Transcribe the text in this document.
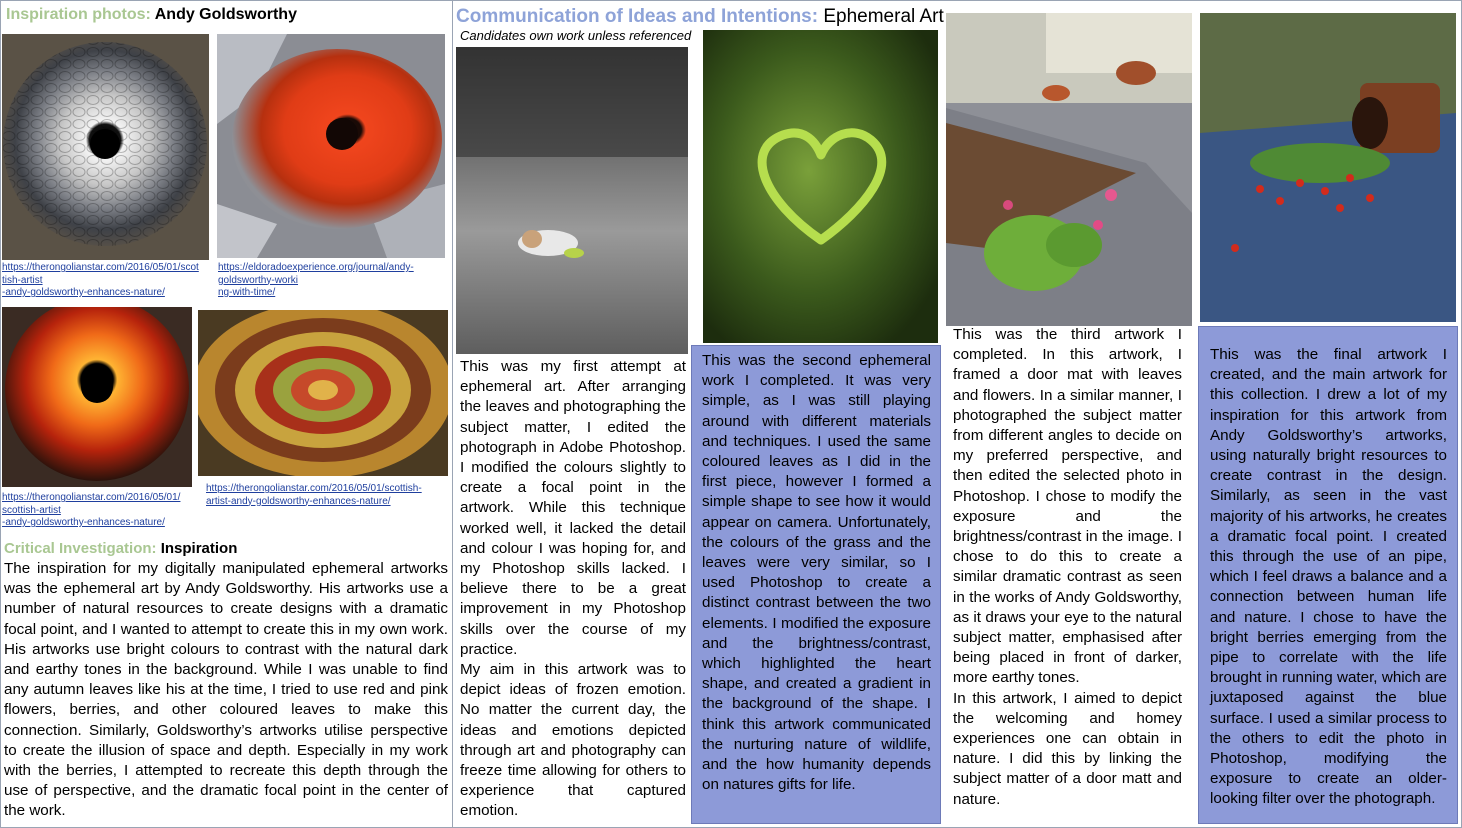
Inspiration photos: Andy Goldsworthy
https://therongolianstar.com/2016/05/01/scot
tish-artist
-andy-goldsworthy-enhances-nature/
https://eldoradoexperience.org/journal/andy-
goldsworthy-worki
ng-with-time/
https://therongolianstar.com/2016/05/01/
scottish-artist
-andy-goldsworthy-enhances-nature/
https://therongolianstar.com/2016/05/01/scottish-
artist-andy-goldsworthy-enhances-nature/
Critical Investigation: Inspiration
The inspiration for my digitally manipulated ephemeral artworks was the ephemeral art by Andy Goldsworthy. His artworks use a number of natural resources to create designs with a dramatic focal point, and I wanted to attempt to create this in my own work. His artworks use bright colours to contrast with the natural dark and earthy tones in the background. While I was unable to find any autumn leaves like his at the time, I tried to use red and pink flowers, berries, and other coloured leaves to make this connection. Similarly, Goldsworthy’s artworks utilise perspective to create the illusion of space and depth. Especially in my work with the berries, I attempted to recreate this depth through the use of perspective, and the dramatic focal point in the center of the work.
Communication of Ideas and Intentions: Ephemeral Art
Candidates own work unless referenced

This was my first attempt at ephemeral art. After arranging the leaves and photographing the subject matter, I edited the photograph in Adobe Photoshop. I modified the colours slightly to create a focal point in the artwork. While this technique worked well, it lacked the detail and colour I was hoping for, and my Photoshop skills lacked. I believe there to be a great improvement in my Photoshop skills over the course of my practice.

My aim in this artwork was to depict ideas of frozen emotion. No matter the current day, the ideas and emotions depicted through art and photography can freeze time allowing for others to experience that captured emotion.

This was the second ephemeral work I completed. It was very simple, as I was still playing around with different materials and techniques. I used the same coloured leaves as I did in the first piece, however I formed a simple shape to see how it would appear on camera. Unfortunately, the colours of the grass and the leaves were very similar, so I used Photoshop to create a distinct contrast between the two elements. I modified the exposure and the brightness/contrast, which highlighted the heart shape, and created a gradient in the background of the shape. I think this artwork communicated the nurturing nature of wildlife, and the how humanity depends on natures gifts for life.

This was the third artwork I completed. In this artwork, I framed a door mat with leaves and flowers. In a similar manner, I photographed the subject matter from different angles to decide on my preferred perspective, and then edited the selected photo in Photoshop. I chose to modify the exposure and the brightness/contrast in the image. I chose to do this to create a similar dramatic contrast as seen in the works of Andy Goldsworthy, as it draws your eye to the natural subject matter, emphasised after being placed in front of darker, more earthy tones.

In this artwork, I aimed to depict the welcoming and homey experiences one can obtain in nature. I did this by linking the subject matter of a door matt and nature.

This was the final artwork I created, and the main artwork for this collection. I drew a lot of my inspiration for this artwork from Andy Goldsworthy’s artworks, using naturally bright resources to create contrast in the design. Similarly, as seen in the vast majority of his artworks, he creates a dramatic focal point. I created this through the use of an pipe, which I feel draws a balance and a connection between human life and nature. I chose to have the bright berries emerging from the pipe to correlate with the life brought in running water, which are juxtaposed against the blue surface. I used a similar process to the others to edit the photo in Photoshop, modifying the exposure to create an older-looking filter over the photograph.
